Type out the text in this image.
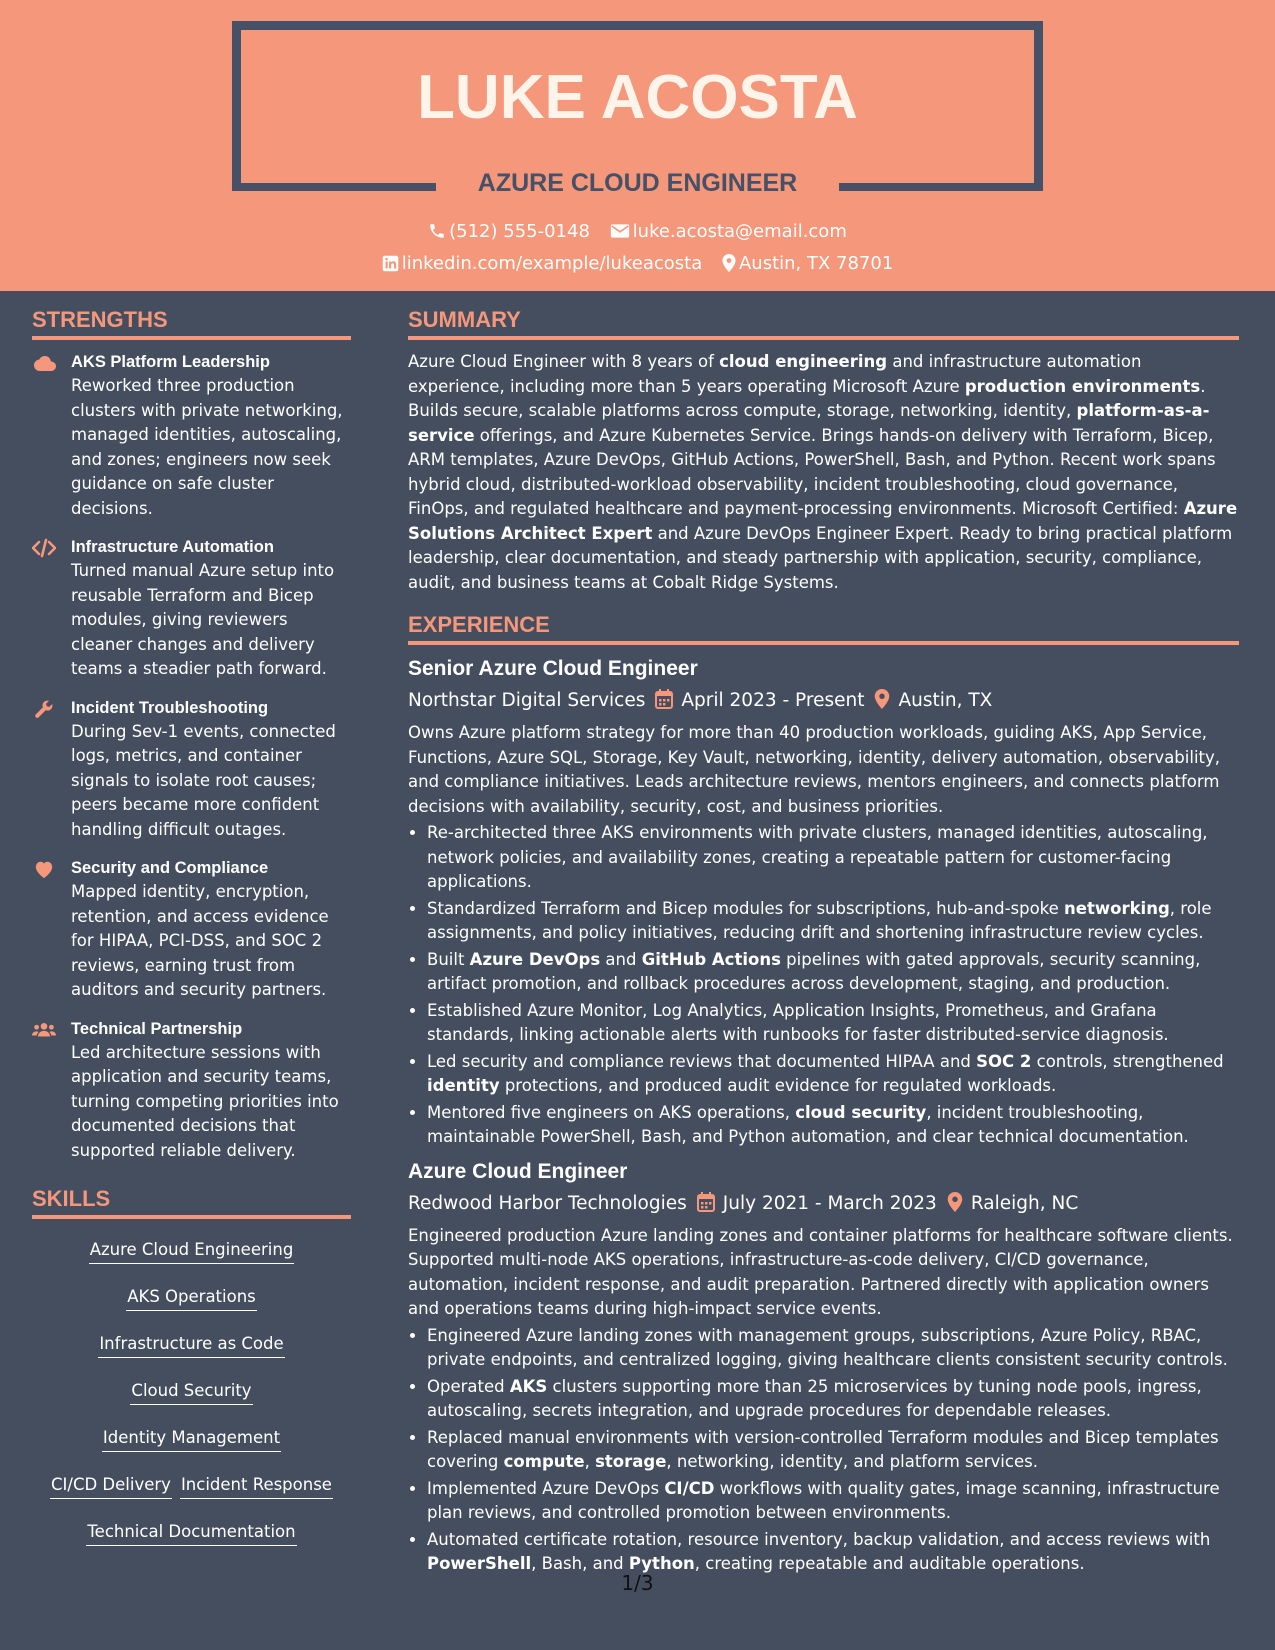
LUKE ACOSTA
AZURE CLOUD ENGINEER
(512) 555-0148 luke.acosta@email.com
linkedin.com/example/lukeacosta Austin, TX 78701
STRENGTHS
AKS Platform Leadership
Reworked three production clusters with private networking, managed identities, autoscaling, and zones; engineers now seek guidance on safe cluster decisions.
Infrastructure Automation
Turned manual Azure setup into reusable Terraform and Bicep modules, giving reviewers cleaner changes and delivery teams a steadier path forward.
Incident Troubleshooting
During Sev-1 events, connected logs, metrics, and container signals to isolate root causes; peers became more confident handling difficult outages.
Security and Compliance
Mapped identity, encryption, retention, and access evidence for HIPAA, PCI-DSS, and SOC 2 reviews, earning trust from auditors and security partners.
Technical Partnership
Led architecture sessions with application and security teams, turning competing priorities into documented decisions that supported reliable delivery.
SKILLS
Azure Cloud Engineering
AKS Operations
Infrastructure as Code
Cloud Security
Identity Management
CI/CD Delivery Incident Response
Technical Documentation
SUMMARY

Azure Cloud Engineer with 8 years of cloud engineering and infrastructure automation experience, including more than 5 years operating Microsoft Azure production environments. Builds secure, scalable platforms across compute, storage, networking, identity, platform-as-a-service offerings, and Azure Kubernetes Service. Brings hands-on delivery with Terraform, Bicep, ARM templates, Azure DevOps, GitHub Actions, PowerShell, Bash, and Python. Recent work spans hybrid cloud, distributed-workload observability, incident troubleshooting, cloud governance, FinOps, and regulated healthcare and payment-processing environments. Microsoft Certified: Azure Solutions Architect Expert and Azure DevOps Engineer Expert. Ready to bring practical platform leadership, clear documentation, and steady partnership with application, security, compliance, audit, and business teams at Cobalt Ridge Systems.

EXPERIENCE
Senior Azure Cloud Engineer
Northstar Digital Services April 2023 - Present Austin, TX

Owns Azure platform strategy for more than 40 production workloads, guiding AKS, App Service, Functions, Azure SQL, Storage, Key Vault, networking, identity, delivery automation, observability, and compliance initiatives. Leads architecture reviews, mentors engineers, and connects platform decisions with availability, security, cost, and business priorities.

• Re-architected three AKS environments with private clusters, managed identities, autoscaling, network policies, and availability zones, creating a repeatable pattern for customer-facing applications.
• Standardized Terraform and Bicep modules for subscriptions, hub-and-spoke networking, role assignments, and policy initiatives, reducing drift and shortening infrastructure review cycles.
• Built Azure DevOps and GitHub Actions pipelines with gated approvals, security scanning, artifact promotion, and rollback procedures across development, staging, and production.
• Established Azure Monitor, Log Analytics, Application Insights, Prometheus, and Grafana standards, linking actionable alerts with runbooks for faster distributed-service diagnosis.
• Led security and compliance reviews that documented HIPAA and SOC 2 controls, strengthened identity protections, and produced audit evidence for regulated workloads.
• Mentored five engineers on AKS operations, cloud security, incident troubleshooting, maintainable PowerShell, Bash, and Python automation, and clear technical documentation.
Azure Cloud Engineer
Redwood Harbor Technologies July 2021 - March 2023 Raleigh, NC

Engineered production Azure landing zones and container platforms for healthcare software clients. Supported multi-node AKS operations, infrastructure-as-code delivery, CI/CD governance, automation, incident response, and audit preparation. Partnered directly with application owners and operations teams during high-impact service events.

• Engineered Azure landing zones with management groups, subscriptions, Azure Policy, RBAC, private endpoints, and centralized logging, giving healthcare clients consistent security controls.
• Operated AKS clusters supporting more than 25 microservices by tuning node pools, ingress, autoscaling, secrets integration, and upgrade procedures for dependable releases.
• Replaced manual environments with version-controlled Terraform modules and Bicep templates covering compute, storage, networking, identity, and platform services.
• Implemented Azure DevOps CI/CD workflows with quality gates, image scanning, infrastructure plan reviews, and controlled promotion between environments.
• Automated certificate rotation, resource inventory, backup validation, and access reviews with PowerShell, Bash, and Python, creating repeatable and auditable operations.
1/3
